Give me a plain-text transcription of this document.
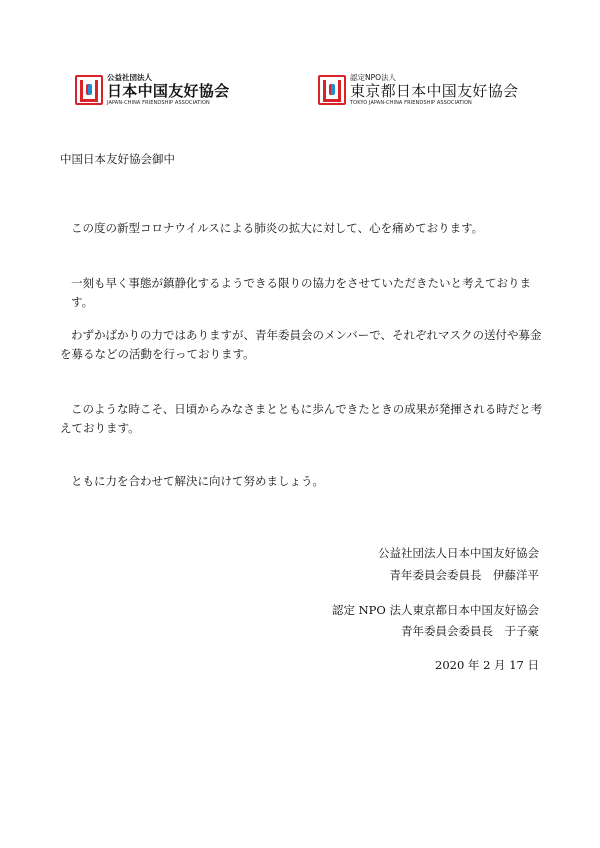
公益社団法人
日本中国友好協会
JAPAN-CHINA FRIENDSHIP ASSOCIATION
認定NPO法人
東京都日本中国友好協会
TOKYO JAPAN-CHINA FRIENDSHIP ASSOCIATION
中国日本友好協会御中
この度の新型コロナウイルスによる肺炎の拡大に対して、心を痛めております。
一刻も早く事態が鎮静化するようできる限りの協力をさせていただきたいと考えております。
わずかばかりの力ではありますが、青年委員会のメンバーで、それぞれマスクの送付や募金を募るなどの活動を行っております。
このような時こそ、日頃からみなさまとともに歩んできたときの成果が発揮される時だと考えております。
ともに力を合わせて解決に向けて努めましょう。
公益社団法人日本中国友好協会
青年委員会委員長　伊藤洋平
認定 NPO 法人東京都日本中国友好協会
青年委員会委員長　于子豪
2020 年 2 月 17 日
